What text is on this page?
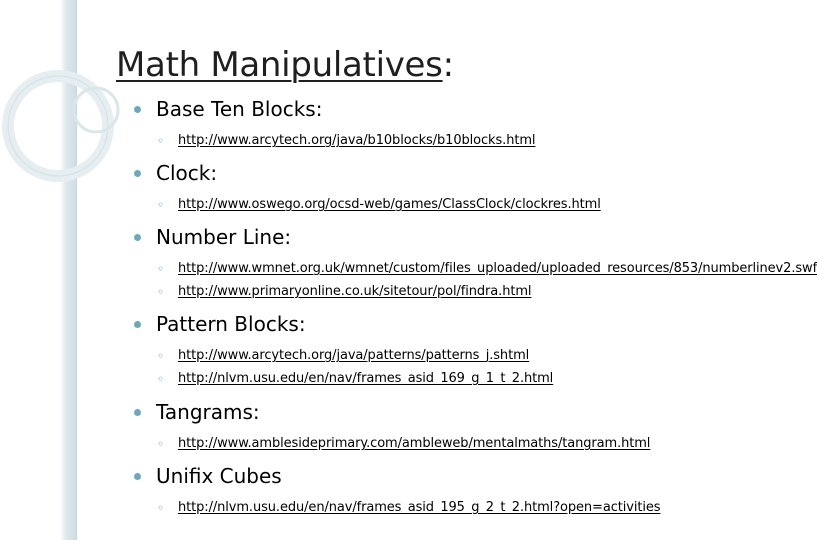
Math Manipulatives:
Base Ten Blocks:
◦ http://www.arcytech.org/java/b10blocks/b10blocks.html
Clock:
◦ http://www.oswego.org/ocsd-web/games/ClassClock/clockres.html
Number Line:
◦ http://www.wmnet.org.uk/wmnet/custom/files_uploaded/uploaded_resources/853/numberlinev2.swf
◦ http://www.primaryonline.co.uk/sitetour/pol/findra.html
Pattern Blocks:
◦ http://www.arcytech.org/java/patterns/patterns_j.shtml
◦ http://nlvm.usu.edu/en/nav/frames_asid_169_g_1_t_2.html
Tangrams:
◦ http://www.amblesideprimary.com/ambleweb/mentalmaths/tangram.html
Unifix Cubes
◦ http://nlvm.usu.edu/en/nav/frames_asid_195_g_2_t_2.html?open=activities
